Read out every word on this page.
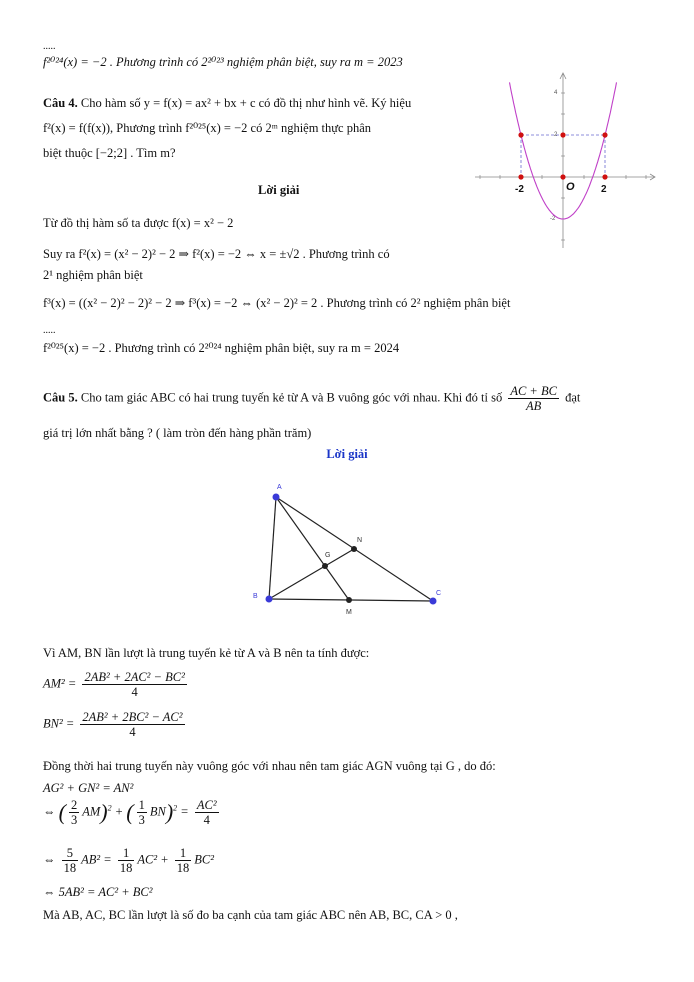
.....
f²⁰²⁴(x) = −2 . Phương trình có 2²⁰²³ nghiệm phân biệt, suy ra m = 2023
Câu 4. Cho hàm số y = f(x) = ax² + bx + c có đồ thị như hình vẽ. Ký hiệu
f²(x) = f(f(x)), Phương trình f²⁰²⁵(x) = −2 có 2ᵐ nghiệm thực phân
biệt thuộc [−2;2] . Tìm m?
Lời giải
Từ đồ thị hàm số ta được f(x) = x² − 2
Suy ra f²(x) = (x² − 2)² − 2 ⇒ f²(x) = −2 ⇔ x = ±√2 . Phương trình có
2¹ nghiệm phân biệt
f³(x) = ((x² − 2)² − 2)² − 2 ⇒ f³(x) = −2 ⇔ (x² − 2)² = 2 . Phương trình có 2² nghiệm phân biệt
.....
f²⁰²⁵(x) = −2 . Phương trình có 2²⁰²⁴ nghiệm phân biệt, suy ra m = 2024
4
2
-2
-2	O	2
Câu 5. Cho tam giác ABC có hai trung tuyến kẻ từ A và B vuông góc với nhau. Khi đó tỉ số $\frac{AC + BC}{AB}$ đạt
giá trị lớn nhất bằng ? ( làm tròn đến hàng phần trăm)
Lời giải
A
B	C
G
N
M
Vì AM, BN lần lượt là trung tuyến kẻ từ A và B nên ta tính được:
$AM^2 = \frac{\text{2AB² + 2AC² − BC²}}{4}$
$BN^2 = \frac{\text{2AB² + 2BC² − AC²}}{4}$
Đồng thời hai trung tuyến này vuông góc với nhau nên tam giác AGN vuông tại G , do đó:
AG² + GN² = AN²
⇔ ( $\frac{2}{3} AM)^2$ + ( $\frac{1}{3} BN)^2 = \frac{\text{AC²}}{4}$
⇔ $\frac{5}{18} AB^2 = \frac{1}{18} AC^2 + \frac{1}{18} BC^2$
⇔ 5AB² = AC² + BC²
Mà AB, AC, BC lần lượt là số đo ba cạnh của tam giác ABC nên AB, BC, CA > 0 ,
